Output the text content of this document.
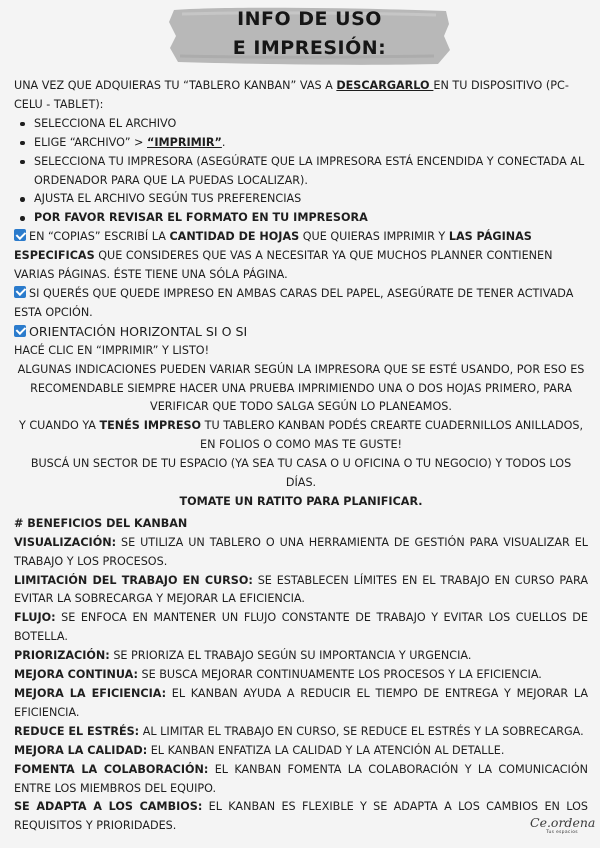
INFO DE USO
E IMPRESIÓN:

UNA VEZ QUE ADQUIERAS TU “TABLERO KANBAN” VAS A DESCARGARLO EN TU DISPOSITIVO (PC-CELU - TABLET):

SELECCIONA EL ARCHIVO
ELIGE “ARCHIVO” > “IMPRIMIR”.
SELECCIONA TU IMPRESORA (ASEGÚRATE QUE LA IMPRESORA ESTÁ ENCENDIDA Y CONECTADA AL ORDENADOR PARA QUE LA PUEDAS LOCALIZAR).
AJUSTA EL ARCHIVO SEGÚN TUS PREFERENCIAS
POR FAVOR REVISAR EL FORMATO EN TU IMPRESORA

EN “COPIAS” ESCRIBÍ LA CANTIDAD DE HOJAS QUE QUIERAS IMPRIMIR Y LAS PÁGINAS ESPECIFICAS QUE CONSIDERES QUE VAS A NECESITAR YA QUE MUCHOS PLANNER CONTIENEN VARIAS PÁGINAS. ÉSTE TIENE UNA SÓLA PÁGINA.

SI QUERÉS QUE QUEDE IMPRESO EN AMBAS CARAS DEL PAPEL, ASEGÚRATE DE TENER ACTIVADA ESTA OPCIÓN.

ORIENTACIÓN HORIZONTAL SI O SI

HACÉ CLIC EN “IMPRIMIR” Y LISTO!

ALGUNAS INDICACIONES PUEDEN VARIAR SEGÚN LA IMPRESORA QUE SE ESTÉ USANDO, POR ESO ES RECOMENDABLE SIEMPRE HACER UNA PRUEBA IMPRIMIENDO UNA O DOS HOJAS PRIMERO, PARA VERIFICAR QUE TODO SALGA SEGÚN LO PLANEAMOS.

Y CUANDO YA TENÉS IMPRESO TU TABLERO KANBAN PODÉS CREARTE CUADERNILLOS ANILLADOS, EN FOLIOS O COMO MAS TE GUSTE!

BUSCÁ UN SECTOR DE TU ESPACIO (YA SEA TU CASA O U OFICINA O TU NEGOCIO) Y TODOS LOS DÍAS.

TOMATE UN RATITO PARA PLANIFICAR.

# BENEFICIOS DEL KANBAN

VISUALIZACIÓN: SE UTILIZA UN TABLERO O UNA HERRAMIENTA DE GESTIÓN PARA VISUALIZAR EL TRABAJO Y LOS PROCESOS.

LIMITACIÓN DEL TRABAJO EN CURSO: SE ESTABLECEN LÍMITES EN EL TRABAJO EN CURSO PARA EVITAR LA SOBRECARGA Y MEJORAR LA EFICIENCIA.

FLUJO: SE ENFOCA EN MANTENER UN FLUJO CONSTANTE DE TRABAJO Y EVITAR LOS CUELLOS DE BOTELLA.

PRIORIZACIÓN: SE PRIORIZA EL TRABAJO SEGÚN SU IMPORTANCIA Y URGENCIA.

MEJORA CONTINUA: SE BUSCA MEJORAR CONTINUAMENTE LOS PROCESOS Y LA EFICIENCIA.

MEJORA LA EFICIENCIA: EL KANBAN AYUDA A REDUCIR EL TIEMPO DE ENTREGA Y MEJORAR LA EFICIENCIA.

REDUCE EL ESTRÉS: AL LIMITAR EL TRABAJO EN CURSO, SE REDUCE EL ESTRÉS Y LA SOBRECARGA.

MEJORA LA CALIDAD: EL KANBAN ENFATIZA LA CALIDAD Y LA ATENCIÓN AL DETALLE.

FOMENTA LA COLABORACIÓN: EL KANBAN FOMENTA LA COLABORACIÓN Y LA COMUNICACIÓN ENTRE LOS MIEMBROS DEL EQUIPO.

SE ADAPTA A LOS CAMBIOS: EL KANBAN ES FLEXIBLE Y SE ADAPTA A LOS CAMBIOS EN LOS REQUISITOS Y PRIORIDADES.	Ce.ordena
Tus espacios
